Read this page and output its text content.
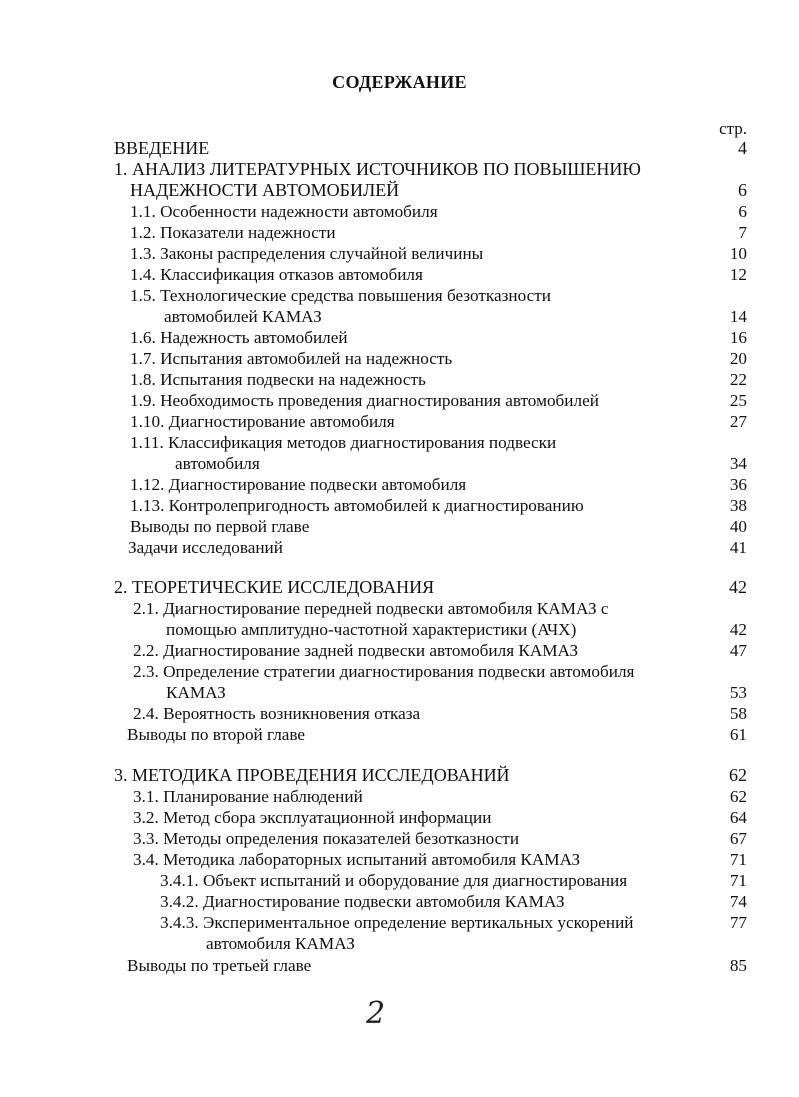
СОДЕРЖАНИЕ
стр.
ВВЕДЕНИЕ	4
1. АНАЛИЗ ЛИТЕРАТУРНЫХ ИСТОЧНИКОВ ПО ПОВЫШЕНИЮ
НАДЕЖНОСТИ АВТОМОБИЛЕЙ	6
1.1. Особенности надежности автомобиля	6
1.2. Показатели надежности	7
1.3. Законы распределения случайной величины	10
1.4. Классификация отказов автомобиля	12
1.5. Технологические средства повышения безотказности
автомобилей КАМАЗ	14
1.6. Надежность автомобилей	16
1.7. Испытания автомобилей на надежность	20
1.8. Испытания подвески на надежность	22
1.9. Необходимость проведения диагностирования автомобилей	25
1.10. Диагностирование автомобиля	27
1.11. Классификация методов диагностирования подвески
автомобиля	34
1.12. Диагностирование подвески автомобиля	36
1.13. Контролепригодность автомобилей к диагностированию	38
Выводы по первой главе	40
Задачи исследований	41
2. ТЕОРЕТИЧЕСКИЕ ИССЛЕДОВАНИЯ	42
2.1. Диагностирование передней подвески автомобиля КАМАЗ с
помощью амплитудно-частотной характеристики (АЧХ)	42
2.2. Диагностирование задней подвески автомобиля КАМАЗ	47
2.3. Определение стратегии диагностирования подвески автомобиля
КАМАЗ	53
2.4. Вероятность возникновения отказа	58
Выводы по второй главе	61
3. МЕТОДИКА ПРОВЕДЕНИЯ ИССЛЕДОВАНИЙ	62
3.1. Планирование наблюдений	62
3.2. Метод сбора эксплуатационной информации	64
3.3. Методы определения показателей безотказности	67
3.4. Методика лабораторных испытаний автомобиля КАМАЗ	71
3.4.1. Объект испытаний и оборудование для диагностирования	71
3.4.2. Диагностирование подвески автомобиля КАМАЗ	74
3.4.3. Экспериментальное определение вертикальных ускорений	77
автомобиля КАМАЗ
Выводы по третьей главе	85
2
